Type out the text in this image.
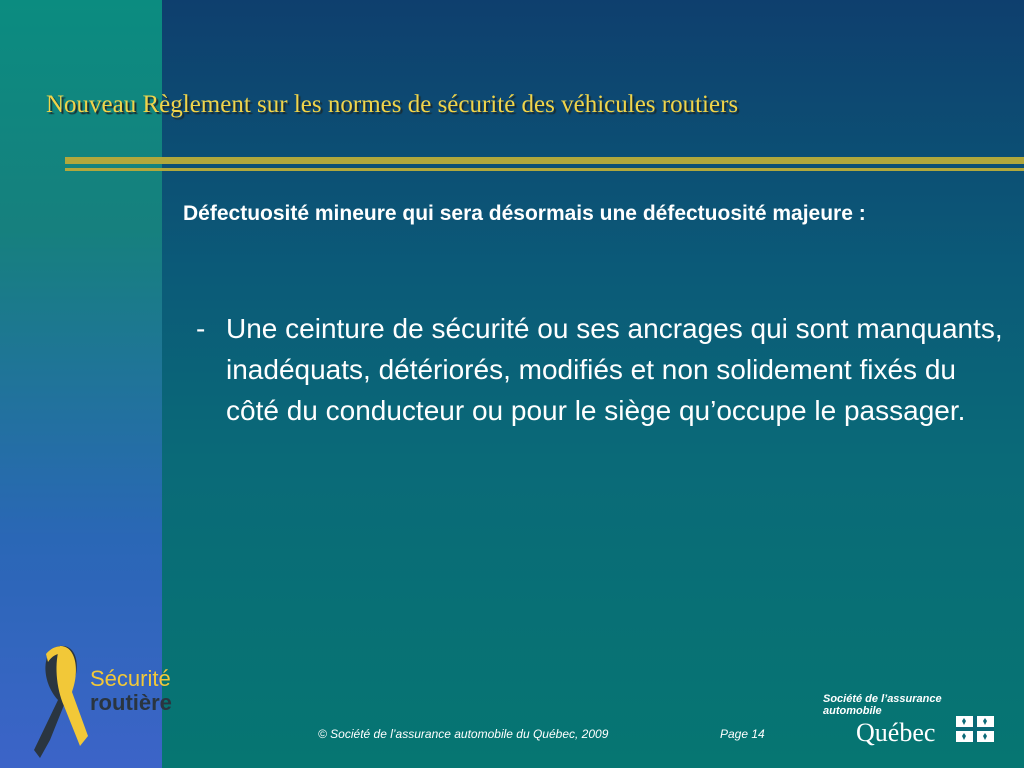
Nouveau Règlement sur les normes de sécurité des véhicules routiers
Défectuosité mineure qui sera désormais une défectuosité majeure :
- Une ceinture de sécurité ou ses ancrages qui sont manquants, inadéquats, détériorés, modifiés et non solidement fixés du côté du conducteur ou pour le siège qu’occupe le passager.
Sécurité
routière
© Société de l’assurance automobile du Québec, 2009	Page 14
Société de l’assurance
automobile
Québec
